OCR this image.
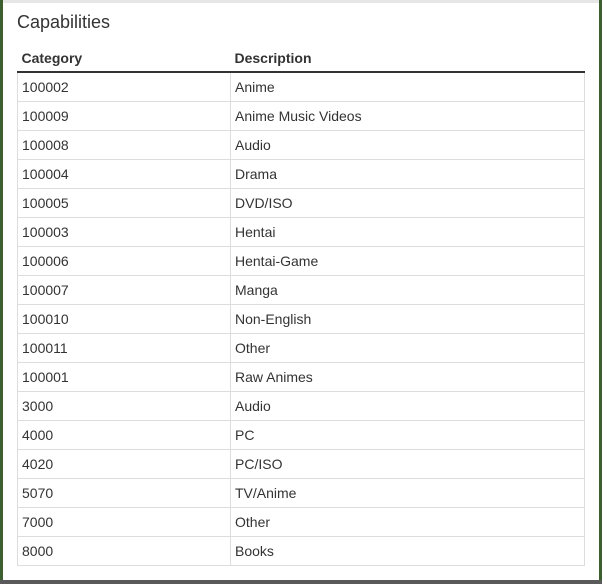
Capabilities
Category	Description
100002	Anime
100009	Anime Music Videos
100008	Audio
100004	Drama
100005	DVD/ISO
100003	Hentai
100006	Hentai-Game
100007	Manga
100010	Non-English
100011	Other
100001	Raw Animes
3000	Audio
4000	PC
4020	PC/ISO
5070	TV/Anime
7000	Other
8000	Books
